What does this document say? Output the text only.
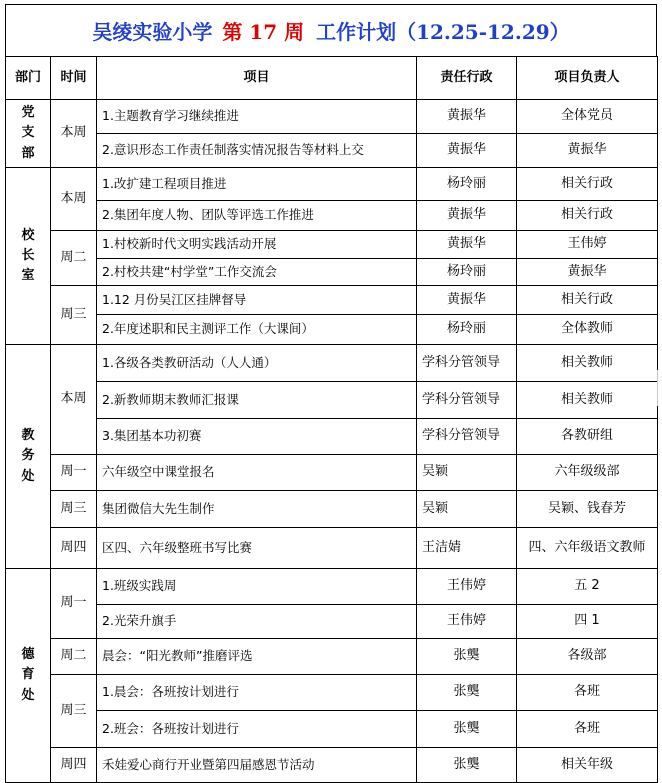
吴绫实验小学 第 17 周 工作计划（12.25-12.29）
部门	时间	项目	责任行政	项目负责人

党
支
部	本周	1.主题教育学习继续推进	黄振华	全体党员
		2.意识形态工作责任制落实情况报告等材料上交	黄振华	黄振华

校
长
室	本周	1.改扩建工程项目推进	杨玲丽	相关行政
		2.集团年度人物、团队等评选工作推进	黄振华	相关行政
	周二	1.村校新时代文明实践活动开展	黄振华	王伟婷
		2.村校共建“村学堂”工作交流会	杨玲丽	黄振华
	周三	1.12 月份吴江区挂牌督导	黄振华	相关行政
		2.年度述职和民主测评工作（大课间）	杨玲丽	全体教师

教
务
处	本周	1.各级各类教研活动（人人通）	学科分管领导	相关教师
		2.新教师期末教师汇报课	学科分管领导	相关教师
		3.集团基本功初赛	学科分管领导	各教研组
	周一	六年级空中课堂报名	吴颖	六年级级部
	周三	集团微信大先生制作	吴颖	吴颖、钱春芳
	周四	区四、六年级整班书写比赛	王洁婧	四、六年级语文教师

德
育
处	周一	1.班级实践周	王伟婷	五 2
		2.光荣升旗手	王伟婷	四 1
	周二	晨会：“阳光教师”推磨评选	张龑	各级部
	周三	1.晨会：各班按计划进行	张龑	各班
		2.班会：各班按计划进行	张龑	各班
	周四	禾娃爱心商行开业暨第四届感恩节活动	张龑	相关年级
